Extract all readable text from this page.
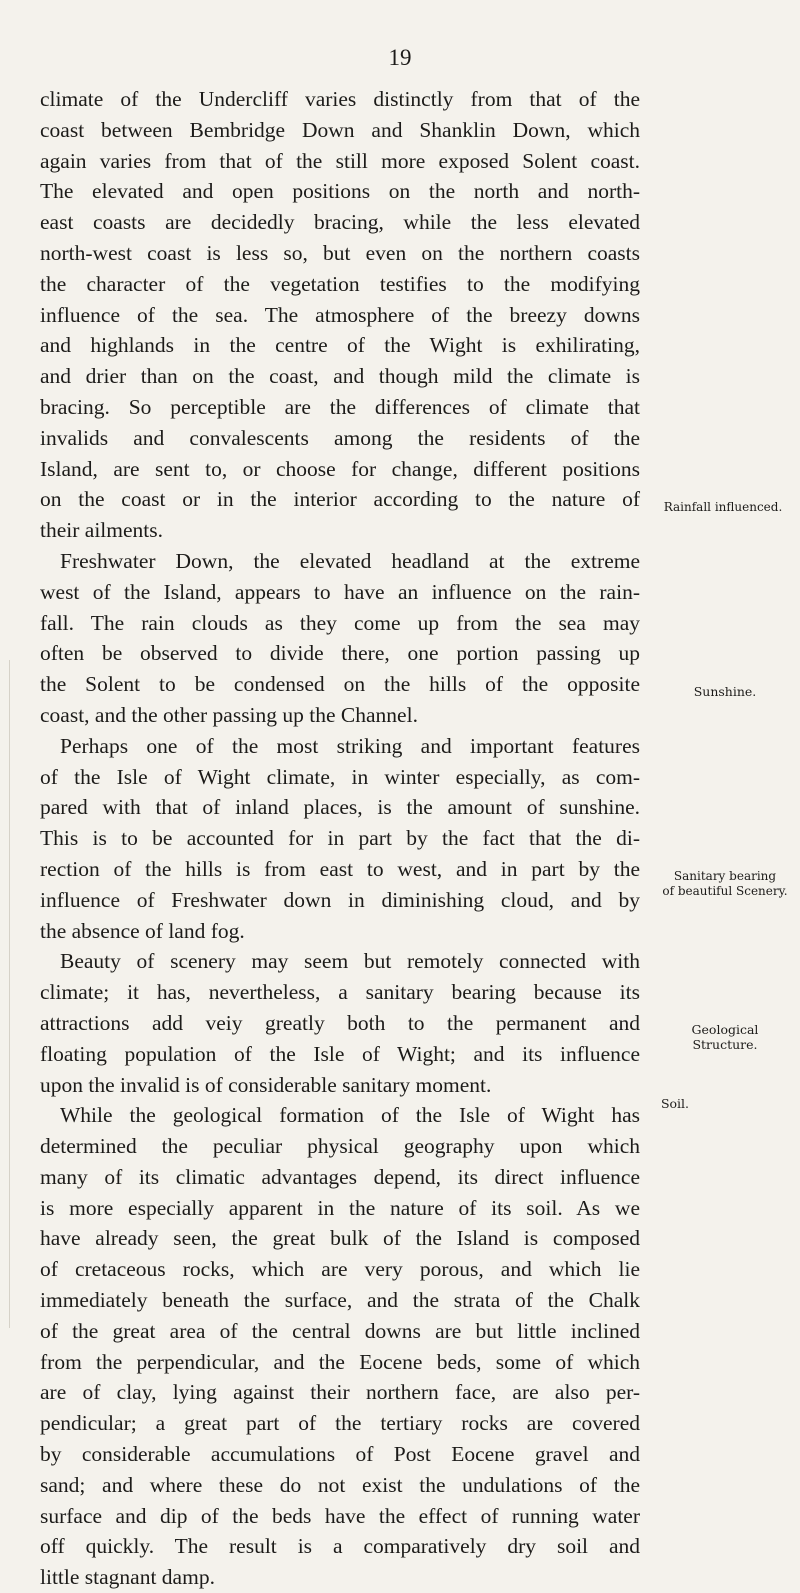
19
climate of the Undercliff varies distinctly from that of the
coast between Bembridge Down and Shanklin Down, which
again varies from that of the still more exposed Solent coast.
The elevated and open positions on the north and north-
east coasts are decidedly bracing, while the less elevated
north-west coast is less so, but even on the northern coasts
the character of the vegetation testifies to the modifying
influence of the sea. The atmosphere of the breezy downs
and highlands in the centre of the Wight is exhilirating,
and drier than on the coast, and though mild the climate is
bracing. So perceptible are the differences of climate that
invalids and convalescents among the residents of the
Island, are sent to, or choose for change, different positions
on the coast or in the interior according to the nature of
their ailments.
Freshwater Down, the elevated headland at the extreme
west of the Island, appears to have an influence on the rain-
fall. The rain clouds as they come up from the sea may
often be observed to divide there, one portion passing up
the Solent to be condensed on the hills of the opposite
coast, and the other passing up the Channel.
Perhaps one of the most striking and important features
of the Isle of Wight climate, in winter especially, as com-
pared with that of inland places, is the amount of sunshine.
This is to be accounted for in part by the fact that the di-
rection of the hills is from east to west, and in part by the
influence of Freshwater down in diminishing cloud, and by
the absence of land fog.
Beauty of scenery may seem but remotely connected with
climate; it has, nevertheless, a sanitary bearing because its
attractions add veiy greatly both to the permanent and
floating population of the Isle of Wight; and its influence
upon the invalid is of considerable sanitary moment.
While the geological formation of the Isle of Wight has
determined the peculiar physical geography upon which
many of its climatic advantages depend, its direct influence
is more especially apparent in the nature of its soil. As we
have already seen, the great bulk of the Island is composed
of cretaceous rocks, which are very porous, and which lie
immediately beneath the surface, and the strata of the Chalk
of the great area of the central downs are but little inclined
from the perpendicular, and the Eocene beds, some of which
are of clay, lying against their northern face, are also per-
pendicular; a great part of the tertiary rocks are covered
by considerable accumulations of Post Eocene gravel and
sand; and where these do not exist the undulations of the
surface and dip of the beds have the effect of running water
off quickly. The result is a comparatively dry soil and
little stagnant damp.
Rainfall influenced.
Sunshine.
Sanitary bearing
of beautiful Scenery.
Geological
Structure.
Soil.
